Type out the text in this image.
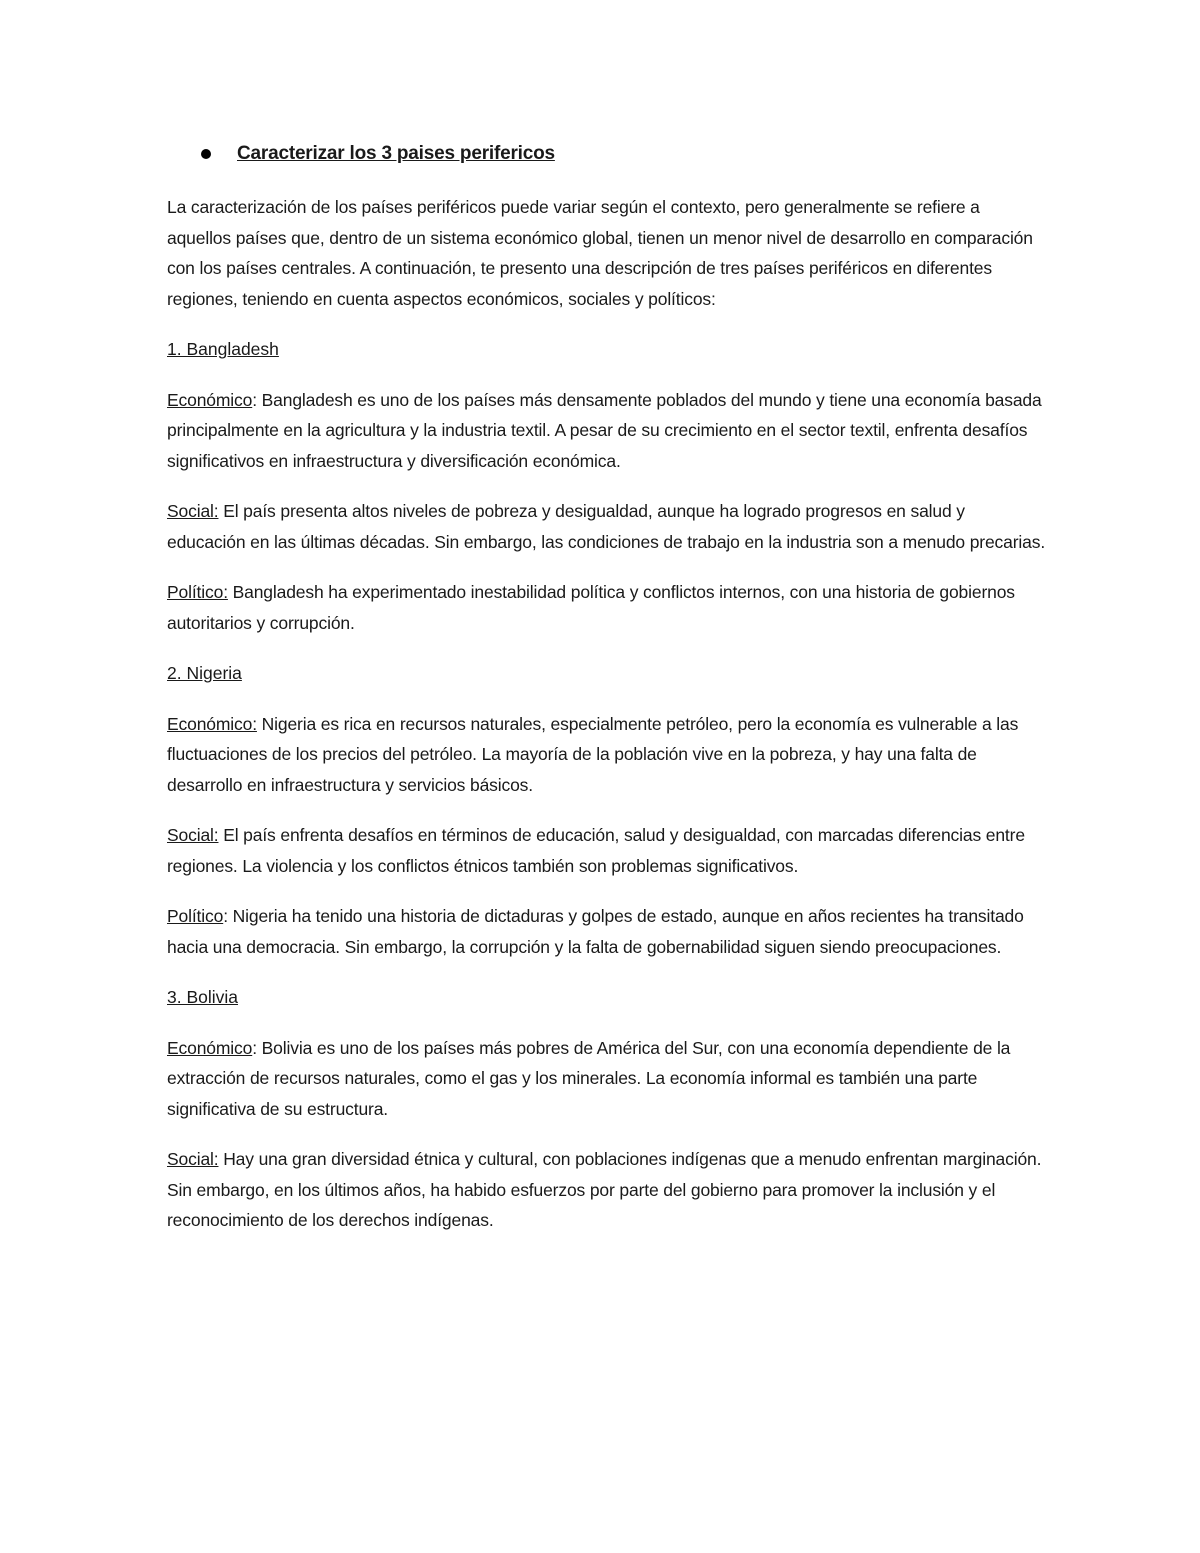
Caracterizar los 3 paises perifericos

La caracterización de los países periféricos puede variar según el contexto, pero generalmente se refiere a aquellos países que, dentro de un sistema económico global, tienen un menor nivel de desarrollo en comparación con los países centrales. A continuación, te presento una descripción de tres países periféricos en diferentes regiones, teniendo en cuenta aspectos económicos, sociales y políticos:

1. Bangladesh

Económico: Bangladesh es uno de los países más densamente poblados del mundo y tiene una economía basada principalmente en la agricultura y la industria textil. A pesar de su crecimiento en el sector textil, enfrenta desafíos significativos en infraestructura y diversificación económica.

Social: El país presenta altos niveles de pobreza y desigualdad, aunque ha logrado progresos en salud y educación en las últimas décadas. Sin embargo, las condiciones de trabajo en la industria son a menudo precarias.

Político: Bangladesh ha experimentado inestabilidad política y conflictos internos, con una historia de gobiernos autoritarios y corrupción.

2. Nigeria

Económico: Nigeria es rica en recursos naturales, especialmente petróleo, pero la economía es vulnerable a las fluctuaciones de los precios del petróleo. La mayoría de la población vive en la pobreza, y hay una falta de desarrollo en infraestructura y servicios básicos.

Social: El país enfrenta desafíos en términos de educación, salud y desigualdad, con marcadas diferencias entre regiones. La violencia y los conflictos étnicos también son problemas significativos.

Político: Nigeria ha tenido una historia de dictaduras y golpes de estado, aunque en años recientes ha transitado hacia una democracia. Sin embargo, la corrupción y la falta de gobernabilidad siguen siendo preocupaciones.

3. Bolivia

Económico: Bolivia es uno de los países más pobres de América del Sur, con una economía dependiente de la extracción de recursos naturales, como el gas y los minerales. La economía informal es también una parte significativa de su estructura.

Social: Hay una gran diversidad étnica y cultural, con poblaciones indígenas que a menudo enfrentan marginación. Sin embargo, en los últimos años, ha habido esfuerzos por parte del gobierno para promover la inclusión y el reconocimiento de los derechos indígenas.
